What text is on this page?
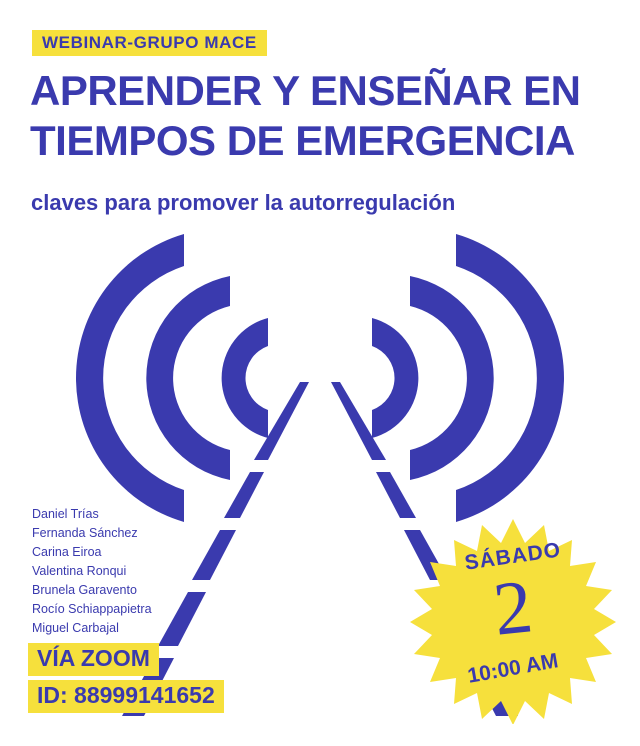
WEBINAR-GRUPO MACE
APRENDER Y ENSEÑAR EN
TIEMPOS DE EMERGENCIA
claves para promover la autorregulación
Daniel Trías
Fernanda Sánchez
Carina Eiroa
Valentina Ronqui
Brunela Garavento
Rocío Schiappapietra
Miguel Carbajal
VÍA ZOOM
ID: 88999141652
SÁBADO
2
10:00 AM
